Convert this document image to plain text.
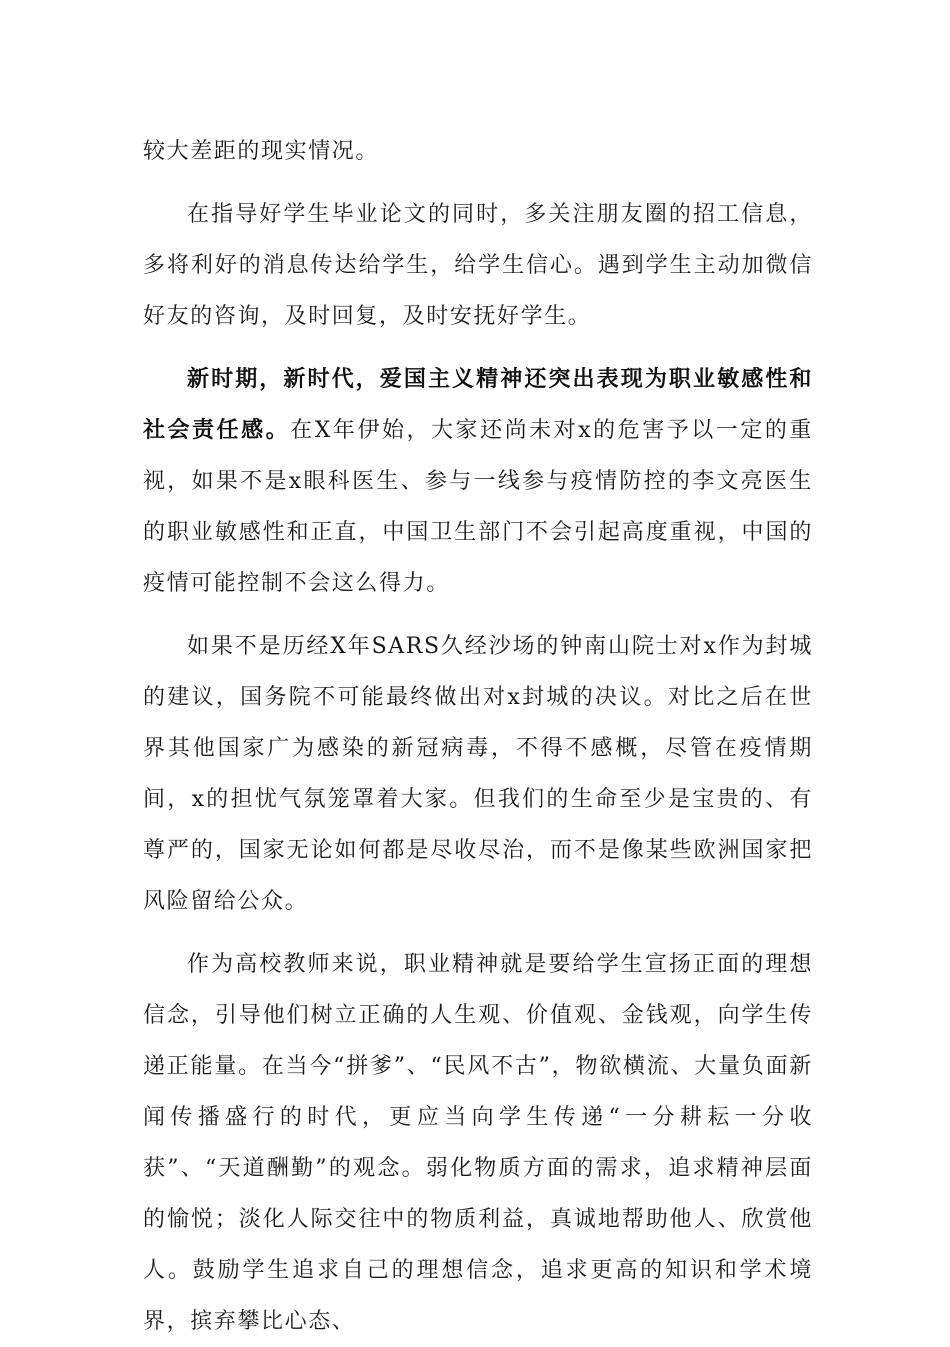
较大差距的现实情况。

在指导好学生毕业论文的同时，多关注朋友圈的招工信息，多将利好的消息传达给学生，给学生信心。遇到学生主动加微信好友的咨询，及时回复，及时安抚好学生。

新时期，新时代，爱国主义精神还突出表现为职业敏感性和社会责任感。在X年伊始，大家还尚未对x的危害予以一定的重视，如果不是x眼科医生、参与一线参与疫情防控的李文亮医生的职业敏感性和正直，中国卫生部门不会引起高度重视，中国的疫情可能控制不会这么得力。

如果不是历经X年SARS久经沙场的钟南山院士对x作为封城的建议，国务院不可能最终做出对x封城的决议。对比之后在世界其他国家广为感染的新冠病毒，不得不感概，尽管在疫情期间，x的担忧气氛笼罩着大家。但我们的生命至少是宝贵的、有尊严的，国家无论如何都是尽收尽治，而不是像某些欧洲国家把风险留给公众。

作为高校教师来说，职业精神就是要给学生宣扬正面的理想信念，引导他们树立正确的人生观、价值观、金钱观，向学生传递正能量。在当今“拼爹”、“民风不古”，物欲横流、大量负面新闻传播盛行的时代，更应当向学生传递“一分耕耘一分收获”、“天道酬勤”的观念。弱化物质方面的需求，追求精神层面的愉悦；淡化人际交往中的物质利益，真诚地帮助他人、欣赏他人。鼓励学生追求自己的理想信念，追求更高的知识和学术境界，摈弃攀比心态、
